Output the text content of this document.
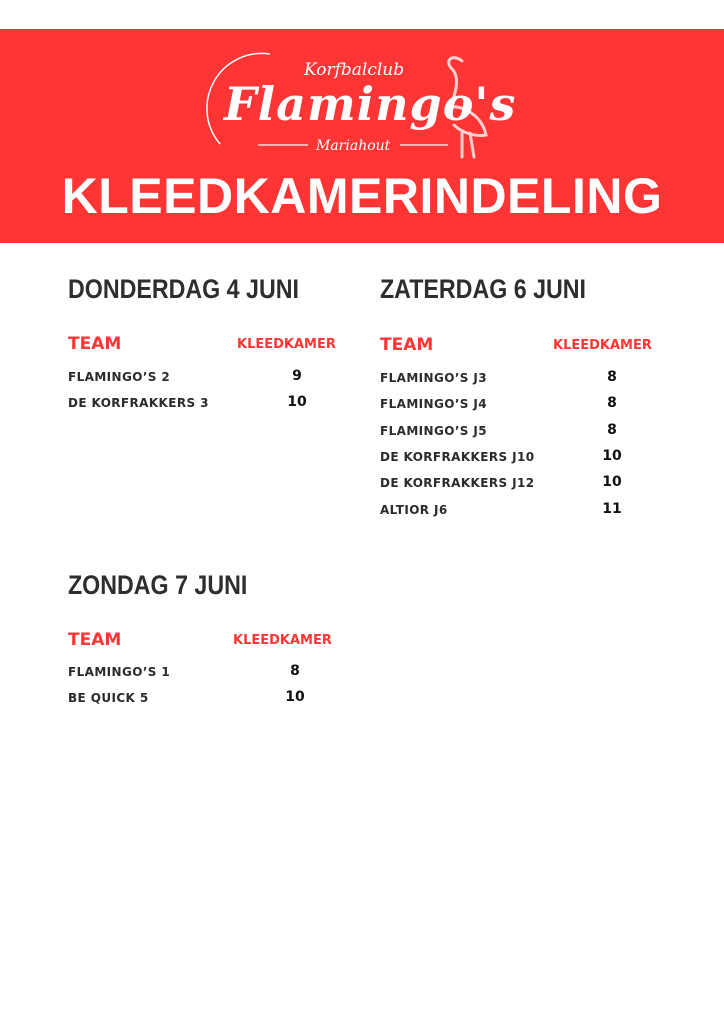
Korfbalclub
Flamingo's
Mariahout
KLEEDKAMERINDELING
DONDERDAG 4 JUNI
TEAM	KLEEDKAMER
FLAMINGO’S 2	9
DE KORFRAKKERS 3	10
ZATERDAG 6 JUNI
TEAM	KLEEDKAMER
FLAMINGO’S J3	8
FLAMINGO’S J4	8
FLAMINGO’S J5	8
DE KORFRAKKERS J10	10
DE KORFRAKKERS J12	10
ALTIOR J6	11
ZONDAG 7 JUNI
TEAM	KLEEDKAMER
FLAMINGO’S 1	8
BE QUICK 5	10
